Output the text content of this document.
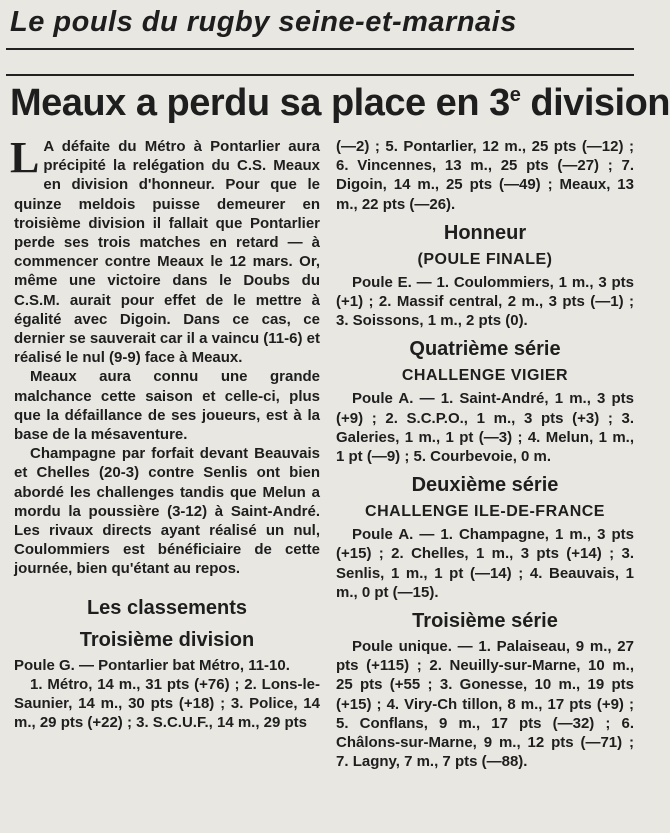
Le pouls du rugby seine-et-marnais
Meaux a perdu sa place en 3e division

L A défaite du Métro à Pontarlier aura précipité la relégation du C.S. Meaux en division d'honneur. Pour que le quinze meldois puisse demeurer en troisième division il fallait que Pontarlier perde ses trois matches en retard — à commencer contre Meaux le 12 mars. Or, même une victoire dans le Doubs du C.S.M. aurait pour effet de le mettre à égalité avec Digoin. Dans ce cas, ce dernier se sauverait car il a vaincu (11-6) et réalisé le nul (9-9) face à Meaux.

Meaux aura connu une grande malchance cette saison et celle-ci, plus que la défaillance de ses joueurs, est à la base de la mésaventure.

Champagne par forfait devant Beauvais et Chelles (20-3) contre Senlis ont bien abordé les challenges tandis que Melun a mordu la poussière (3-12) à Saint-André. Les rivaux directs ayant réalisé un nul, Coulommiers est bénéficiaire de cette journée, bien qu'étant au repos.

Les classements
Troisième division

Poule G. — Pontarlier bat Métro, 11-10.

1. Métro, 14 m., 31 pts (+76) ; 2. Lons-le-Saunier, 14 m., 30 pts (+18) ; 3. Police, 14 m., 29 pts (+22) ; 3. S.C.U.F., 14 m., 29 pts

(—2) ; 5. Pontarlier, 12 m., 25 pts (—12) ; 6. Vincennes, 13 m., 25 pts (—27) ; 7. Digoin, 14 m., 25 pts (—49) ; Meaux, 13 m., 22 pts (—26).

Honneur
(POULE FINALE)

Poule E. — 1. Coulommiers, 1 m., 3 pts (+1) ; 2. Massif central, 2 m., 3 pts (—1) ; 3. Soissons, 1 m., 2 pts (0).

Quatrième série
CHALLENGE VIGIER

Poule A. — 1. Saint-André, 1 m., 3 pts (+9) ; 2. S.C.P.O., 1 m., 3 pts (+3) ; 3. Galeries, 1 m., 1 pt (—3) ; 4. Melun, 1 m., 1 pt (—9) ; 5. Courbevoie, 0 m.

Deuxième série
CHALLENGE ILE-DE-FRANCE

Poule A. — 1. Champagne, 1 m., 3 pts (+15) ; 2. Chelles, 1 m., 3 pts (+14) ; 3. Senlis, 1 m., 1 pt (—14) ; 4. Beauvais, 1 m., 0 pt (—15).

Troisième série

Poule unique. — 1. Palaiseau, 9 m., 27 pts (+115) ; 2. Neuilly-sur-Marne, 10 m., 25 pts (+55 ; 3. Gonesse, 10 m., 19 pts (+15) ; 4. Viry-Ch tillon, 8 m., 17 pts (+9) ; 5. Conflans, 9 m., 17 pts (—32) ; 6. Châlons-sur-Marne, 9 m., 12 pts (—71) ; 7. Lagny, 7 m., 7 pts (—88).
